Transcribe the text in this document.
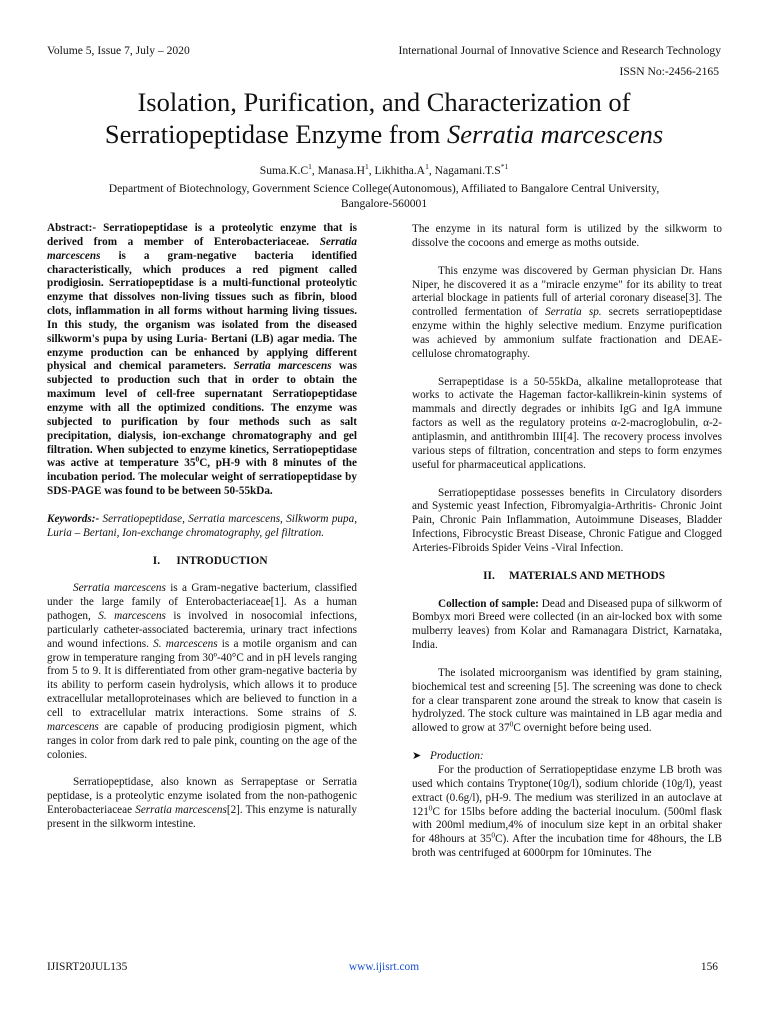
Volume 5, Issue 7, July – 2020	International Journal of Innovative Science and Research Technology
ISSN No:-2456-2165
Isolation, Purification, and Characterization of
Serratiopeptidase Enzyme from Serratia marcescens
$Suma.K.C^1$, $Manasa.H^1$, $Likhitha.A^1$, $Nagamani.T.S^{*1}$
Department of Biotechnology, Government Science College(Autonomous), Affiliated to Bangalore Central University,
Bangalore-560001

Abstract:- Serratiopeptidase is a proteolytic enzyme that is derived from a member of Enterobacteriaceae. Serratia marcescens is a gram-negative bacteria identified characteristically, which produces a red pigment called prodigiosin. Serratiopeptidase is a multi-functional proteolytic enzyme that dissolves non-living tissues such as fibrin, blood clots, inflammation in all forms without harming living tissues. In this study, the organism was isolated from the diseased silkworm's pupa by using Luria- Bertani (LB) agar media. The enzyme production can be enhanced by applying different physical and chemical parameters. Serratia marcescens was subjected to production such that in order to obtain the maximum level of cell-free supernatant Serratiopeptidase enzyme with all the optimized conditions. The enzyme was subjected to purification by four methods such as salt precipitation, dialysis, ion-exchange chromatography and gel filtration. When subjected to enzyme kinetics, Serratiopeptidase was active at temperature $35^0C$, pH-9 with 8 minutes of the incubation period. The molecular weight of serratiopeptidase by SDS-PAGE was found to be between 50-55kDa.

Keywords:- Serratiopeptidase, Serratia marcescens, Silkworm pupa, Luria – Bertani, Ion-exchange chromatography, gel filtration.

I. INTRODUCTION

Serratia marcescens is a Gram-negative bacterium, classified under the large family of Enterobacteriaceae[1]. As a human pathogen, S. marcescens is involved in nosocomial infections, particularly catheter-associated bacteremia, urinary tract infections and wound infections. S. marcescens is a motile organism and can grow in temperature ranging from 30º-40°C and in pH levels ranging from 5 to 9. It is differentiated from other gram-negative bacteria by its ability to perform casein hydrolysis, which allows it to produce extracellular metalloproteinases which are believed to function in a cell to extracellular matrix interactions. Some strains of S. marcescens are capable of producing prodigiosin pigment, which ranges in color from dark red to pale pink, counting on the age of the colonies.

Serratiopeptidase, also known as Serrapeptase or Serratia peptidase, is a proteolytic enzyme isolated from the non-pathogenic Enterobacteriaceae Serratia marcescens[2]. This enzyme is naturally present in the silkworm intestine.

The enzyme in its natural form is utilized by the silkworm to dissolve the cocoons and emerge as moths outside.

This enzyme was discovered by German physician Dr. Hans Niper, he discovered it as a "miracle enzyme" for its ability to treat arterial blockage in patients full of arterial coronary disease[3]. The controlled fermentation of Serratia sp. secrets serratiopeptidase enzyme within the highly selective medium. Enzyme purification was achieved by ammonium sulfate fractionation and DEAE-cellulose chromatography.

Serrapeptidase is a 50-55kDa, alkaline metalloprotease that works to activate the Hageman factor-kallikrein-kinin systems of mammals and directly degrades or inhibits IgG and IgA immune factors as well as the regulatory proteins α-2-macroglobulin, α-2-antiplasmin, and antithrombin III[4]. The recovery process involves various steps of filtration, concentration and steps to form enzymes useful for pharmaceutical applications.

Serratiopeptidase possesses benefits in Circulatory disorders and Systemic yeast Infection, Fibromyalgia-Arthritis- Chronic Joint Pain, Chronic Pain Inflammation, Autoimmune Diseases, Bladder Infections, Fibrocystic Breast Disease, Chronic Fatigue and Clogged Arteries-Fibroids Spider Veins -Viral Infection.

II. MATERIALS AND METHODS

Collection of sample: Dead and Diseased pupa of silkworm of Bombyx mori Breed were collected (in an air-locked box with some mulberry leaves) from Kolar and Ramanagara District, Karnataka, India.

The isolated microorganism was identified by gram staining, biochemical test and screening [5]. The screening was done to check for a clear transparent zone around the streak to know that casein is hydrolyzed. The stock culture was maintained in LB agar media and allowed to grow at $37^0C$ overnight before being used.

➤ Production:

For the production of Serratiopeptidase enzyme LB broth was used which contains Tryptone(10g/l), sodium chloride (10g/l), yeast extract (0.6g/l), pH-9. The medium was sterilized in an autoclave at $121^0C$ for 15lbs before adding the bacterial inoculum. (500ml flask with 200ml medium,4% of inoculum size kept in an orbital shaker for 48hours at $35^0C$). After the incubation time for 48hours, the LB broth was centrifuged at 6000rpm for 10minutes. The

IJISRT20JUL135	www.ijisrt.com	156
